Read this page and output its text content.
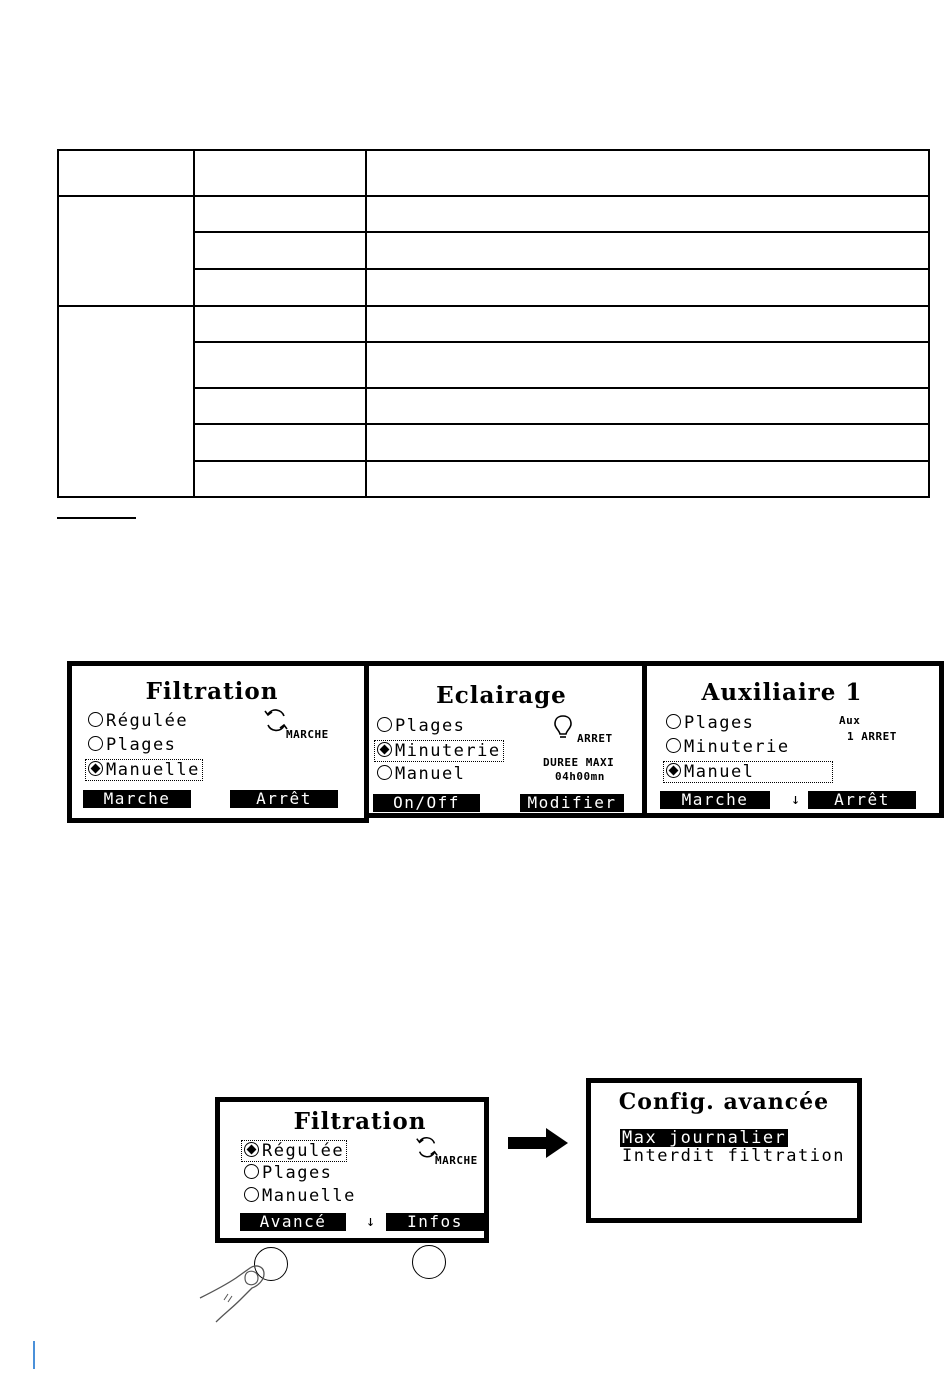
Filtration
Régulée
Plages
Manuelle
MARCHE
Marche	Arrêt
Eclairage
Plages
Minuterie
Manuel
ARRET
DUREE MAXI
04h00mn
On/Off	Modifier
Auxiliaire 1
Plages
Minuterie
Manuel
Aux
1 ARRET
Marche	↓	Arrêt
Filtration
Régulée
Plages
Manuelle
MARCHE
Avancé	↓	Infos
Config. avancée
Max journalier
Interdit filtration
